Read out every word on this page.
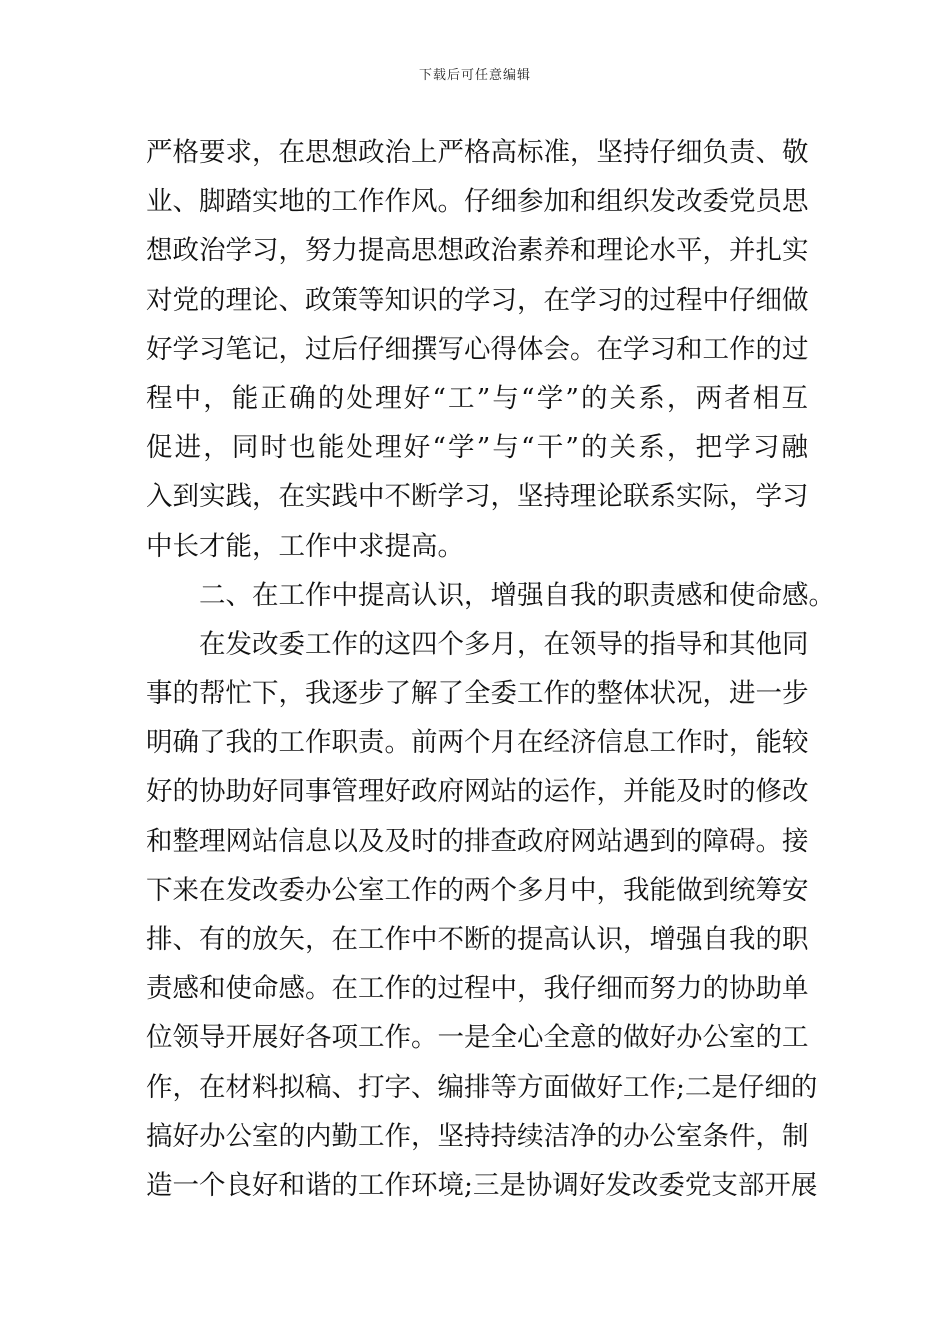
下载后可任意编辑
严格要求，在思想政治上严格高标准，坚持仔细负责、敬
业、脚踏实地的工作作风。仔细参加和组织发改委党员思
想政治学习，努力提高思想政治素养和理论水平，并扎实
对党的理论、政策等知识的学习，在学习的过程中仔细做
好学习笔记，过后仔细撰写心得体会。在学习和工作的过
程中，能正确的处理好“工”与“学”的关系，两者相互
促进，同时也能处理好“学”与“干”的关系，把学习融
入到实践，在实践中不断学习，坚持理论联系实际，学习
中长才能，工作中求提高。
二、在工作中提高认识，增强自我的职责感和使命感。
在发改委工作的这四个多月，在领导的指导和其他同
事的帮忙下，我逐步了解了全委工作的整体状况，进一步
明确了我的工作职责。前两个月在经济信息工作时，能较
好的协助好同事管理好政府网站的运作，并能及时的修改
和整理网站信息以及及时的排查政府网站遇到的障碍。接
下来在发改委办公室工作的两个多月中，我能做到统筹安
排、有的放矢，在工作中不断的提高认识，增强自我的职
责感和使命感。在工作的过程中，我仔细而努力的协助单
位领导开展好各项工作。一是全心全意的做好办公室的工
作，在材料拟稿、打字、编排等方面做好工作;二是仔细的
搞好办公室的内勤工作，坚持持续洁净的办公室条件，制
造一个良好和谐的工作环境;三是协调好发改委党支部开展
